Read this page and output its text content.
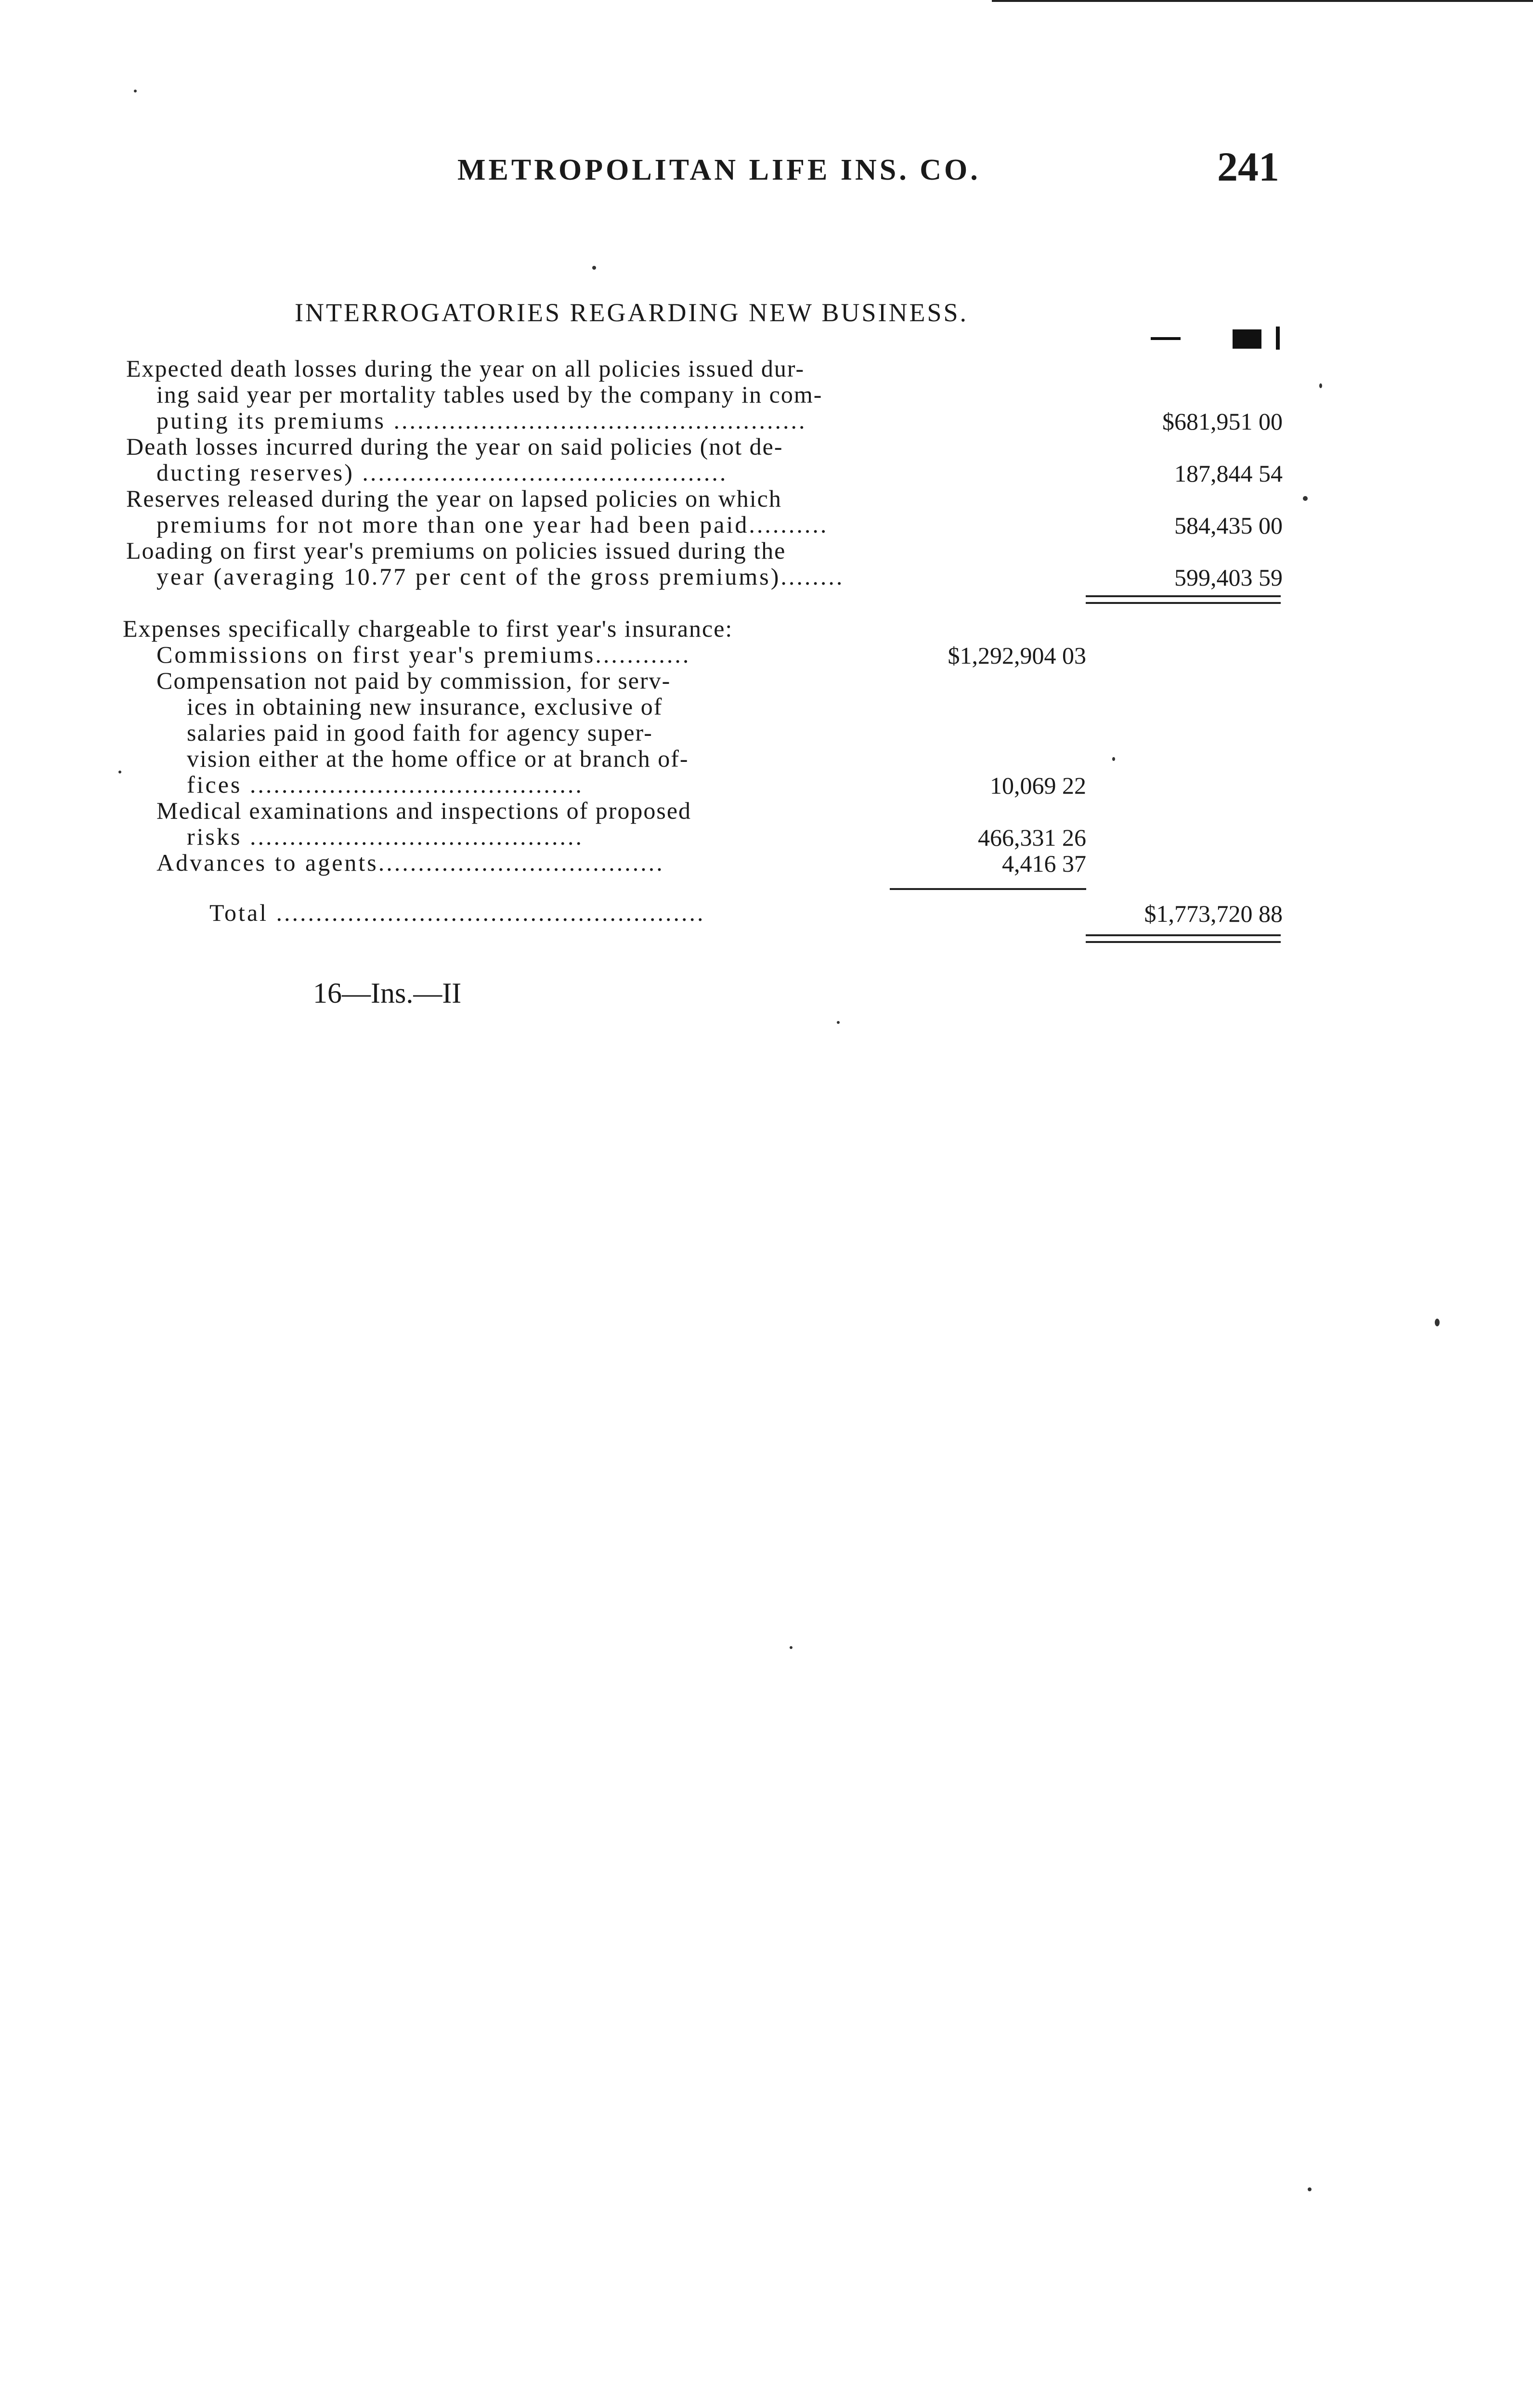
METROPOLITAN LIFE INS. CO.	241
INTERROGATORIES REGARDING NEW BUSINESS.
Expected death losses during the year on all policies issued dur-
ing said year per mortality tables used by the company in com-
puting its premiums ....................................................	$681,951 00
Death losses incurred during the year on said policies (not de-
ducting reserves) ..............................................	187,844 54
Reserves released during the year on lapsed policies on which
premiums for not more than one year had been paid..........	584,435 00
Loading on first year's premiums on policies issued during the
year (averaging 10.77 per cent of the gross premiums)........	599,403 59
Expenses specifically chargeable to first year's insurance:
Commissions on first year's premiums............	$1,292,904 03
Compensation not paid by commission, for serv-
ices in obtaining new insurance, exclusive of
salaries paid in good faith for agency super-
vision either at the home office or at branch of-
fices ..........................................	10,069 22
Medical examinations and inspections of proposed
risks ..........................................	466,331 26
Advances to agents....................................	4,416 37
Total ......................................................	$1,773,720 88
16—Ins.—II
